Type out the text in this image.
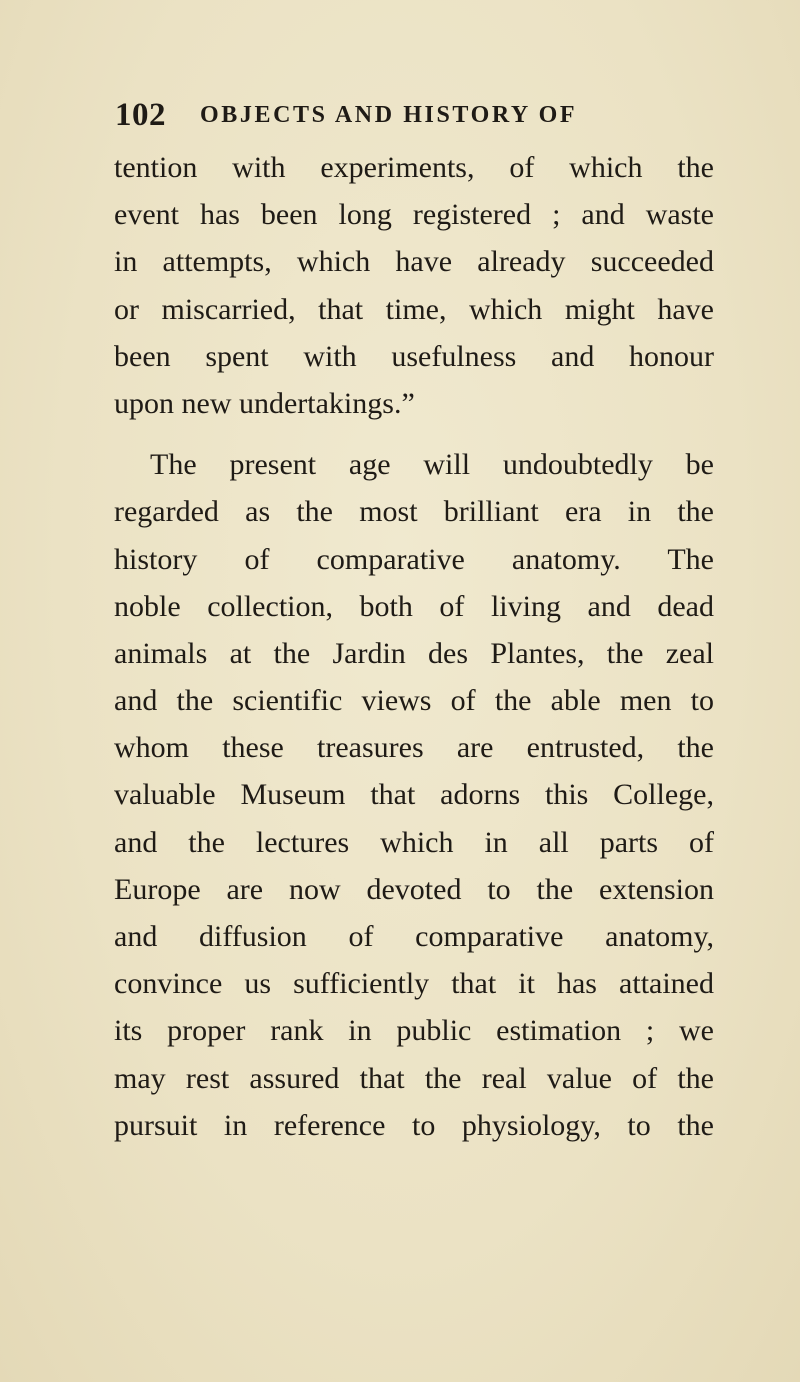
102 OBJECTS AND HISTORY OF
tention with experiments, of which the
event has been long registered ; and waste
in attempts, which have already succeeded
or miscarried, that time, which might have
been spent with usefulness and honour
upon new undertakings.”
The present age will undoubtedly be
regarded as the most brilliant era in the
history of comparative anatomy. The
noble collection, both of living and dead
animals at the Jardin des Plantes, the zeal
and the scientific views of the able men to
whom these treasures are entrusted, the
valuable Museum that adorns this College,
and the lectures which in all parts of
Europe are now devoted to the extension
and diffusion of comparative anatomy,
convince us sufficiently that it has attained
its proper rank in public estimation ; we
may rest assured that the real value of the
pursuit in reference to physiology, to the
